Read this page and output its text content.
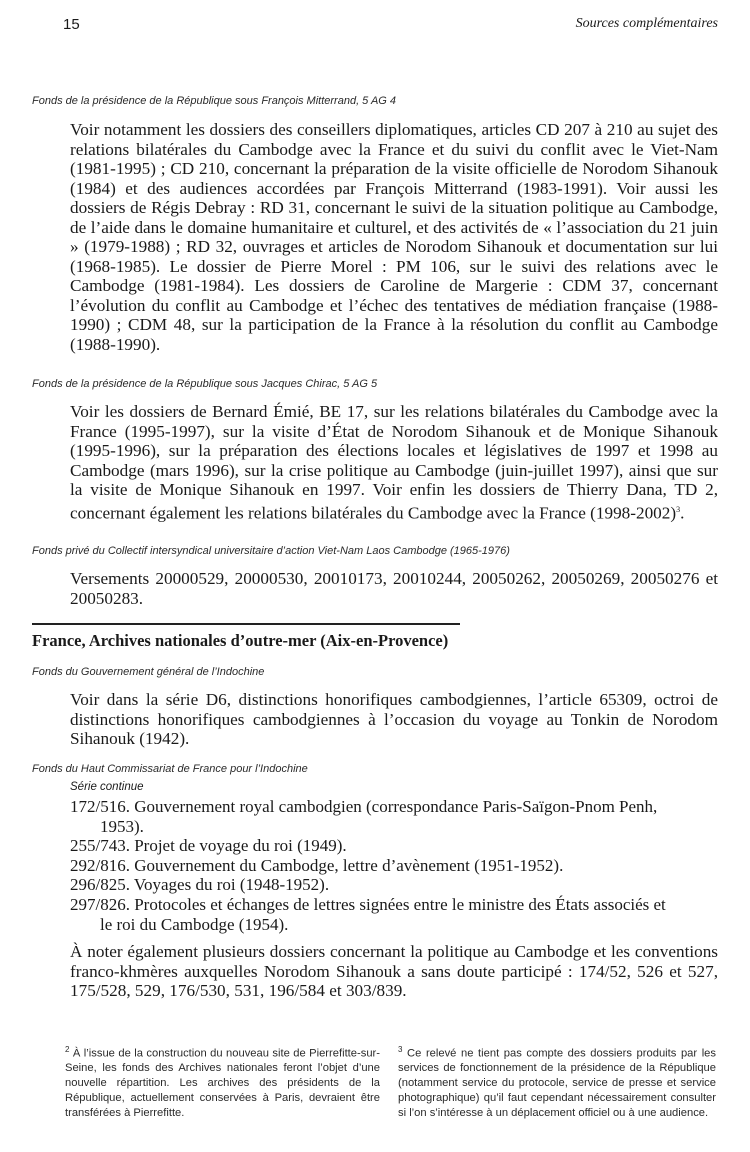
15	Sources complémentaires
Fonds de la présidence de la République sous François Mitterrand, 5 AG 4

Voir notamment les dossiers des conseillers diplomatiques, articles CD 207 à 210 au sujet des relations bilatérales du Cambodge avec la France et du suivi du conflit avec le Viet-Nam (1981-1995) ; CD 210, concernant la préparation de la visite officielle de Norodom Sihanouk (1984) et des audiences accordées par François Mitterrand (1983-1991). Voir aussi les dossiers de Régis Debray : RD 31, concernant le suivi de la situation politique au Cambodge, de l’aide dans le domaine humanitaire et culturel, et des activités de « l’association du 21 juin » (1979-1988) ; RD 32, ouvrages et articles de Norodom Sihanouk et documentation sur lui (1968-1985). Le dossier de Pierre Morel : PM 106, sur le suivi des relations avec le Cambodge (1981-1984). Les dossiers de Caroline de Margerie : CDM 37, concernant l’évolution du conflit au Cambodge et l’échec des tentatives de médiation française (1988-1990) ; CDM 48, sur la participation de la France à la résolution du conflit au Cambodge (1988-1990).

Fonds de la présidence de la République sous Jacques Chirac, 5 AG 5

Voir les dossiers de Bernard Émié, BE 17, sur les relations bilatérales du Cambodge avec la France (1995-1997), sur la visite d’État de Norodom Sihanouk et de Monique Sihanouk (1995-1996), sur la préparation des élections locales et législatives de 1997 et 1998 au Cambodge (mars 1996), sur la crise politique au Cambodge (juin-juillet 1997), ainsi que sur la visite de Monique Sihanouk en 1997. Voir enfin les dossiers de Thierry Dana, TD 2, concernant également les relations bilatérales du Cambodge avec la France (1998-2002)$^3$.

Fonds privé du Collectif intersyndical universitaire d’action Viet-Nam Laos Cambodge (1965-1976)

Versements 20000529, 20000530, 20010173, 20010244, 20050262, 20050269, 20050276 et 20050283.

France, Archives nationales d’outre-mer (Aix-en-Provence)
Fonds du Gouvernement général de l’Indochine

Voir dans la série D6, distinctions honorifiques cambodgiennes, l’article 65309, octroi de distinctions honorifiques cambodgiennes à l’occasion du voyage au Tonkin de Norodom Sihanouk (1942).

Fonds du Haut Commissariat de France pour l’Indochine
Série continue
172/516. Gouvernement royal cambodgien (correspondance Paris-Saïgon-Pnom Penh,
1953).
255/743. Projet de voyage du roi (1949).
292/816. Gouvernement du Cambodge, lettre d’avènement (1951-1952).
296/825. Voyages du roi (1948-1952).
297/826. Protocoles et échanges de lettres signées entre le ministre des États associés et
le roi du Cambodge (1954).

À noter également plusieurs dossiers concernant la politique au Cambodge et les conventions franco-khmères auxquelles Norodom Sihanouk a sans doute participé : 174/52, 526 et 527, 175/528, 529, 176/530, 531, 196/584 et 303/839.

$^2$ À l’issue de la construction du nouveau site de Pierrefitte-sur-Seine, les fonds des Archives nationales feront l’objet d’une nouvelle répartition. Les archives des présidents de la République, actuellement conservées à Paris, devraient être transférées à Pierrefitte.
$^3$ Ce relevé ne tient pas compte des dossiers produits par les services de fonctionnement de la présidence de la République (notamment service du protocole, service de presse et service photographique) qu’il faut cependant nécessairement consulter si l’on s’intéresse à un déplacement officiel ou à une audience.
